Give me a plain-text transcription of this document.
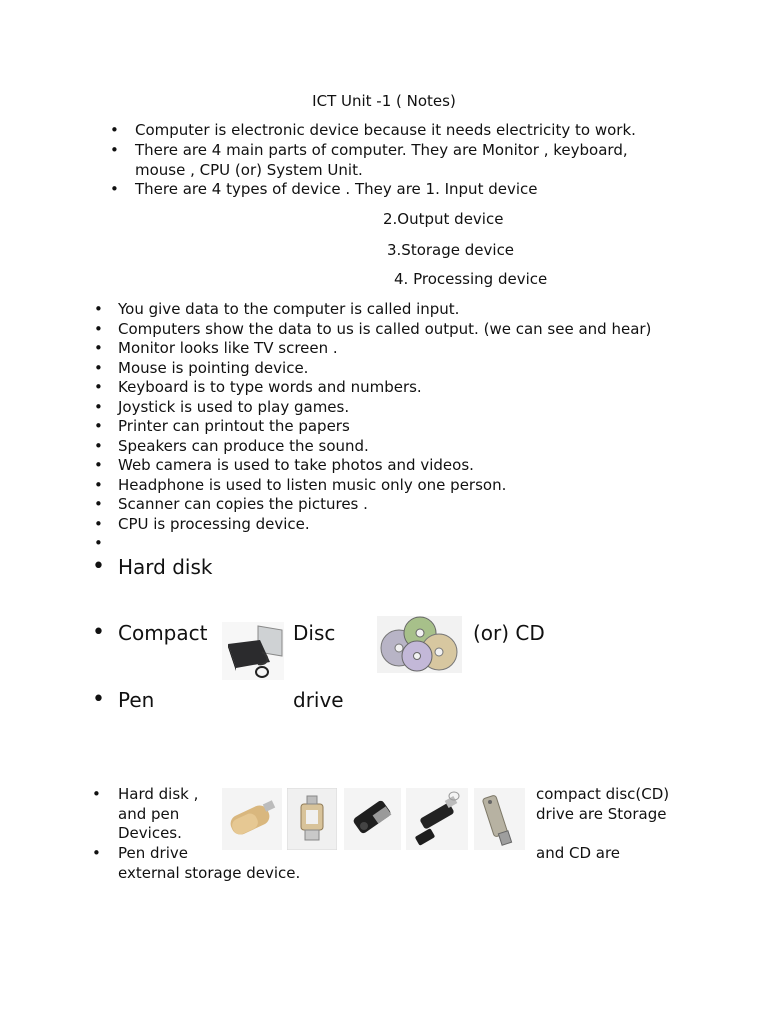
ICT Unit -1 ( Notes)
• Computer is electronic device because it needs electricity to work.
• There are 4 main parts of computer. They are Monitor , keyboard,
mouse , CPU (or) System Unit.
• There are 4 types of device . They are 1. Input device
2.Output device
3.Storage device
4. Processing device
• You give data to the computer is called input.
• Computers show the data to us is called output. (we can see and hear)
• Monitor looks like TV screen .
• Mouse is pointing device.
• Keyboard is to type words and numbers.
• Joystick is used to play games.
• Printer can printout the papers
• Speakers can produce the sound.
• Web camera is used to take photos and videos.
• Headphone is used to listen music only one person.
• Scanner can copies the pictures .
• CPU is processing device.
•
• Hard disk
• Compact	Disc	(or) CD
• Pen	drive
• Hard disk ,	compact disc(CD)
and pen	drive are Storage
Devices.
• Pen drive	and CD are
external storage device.
